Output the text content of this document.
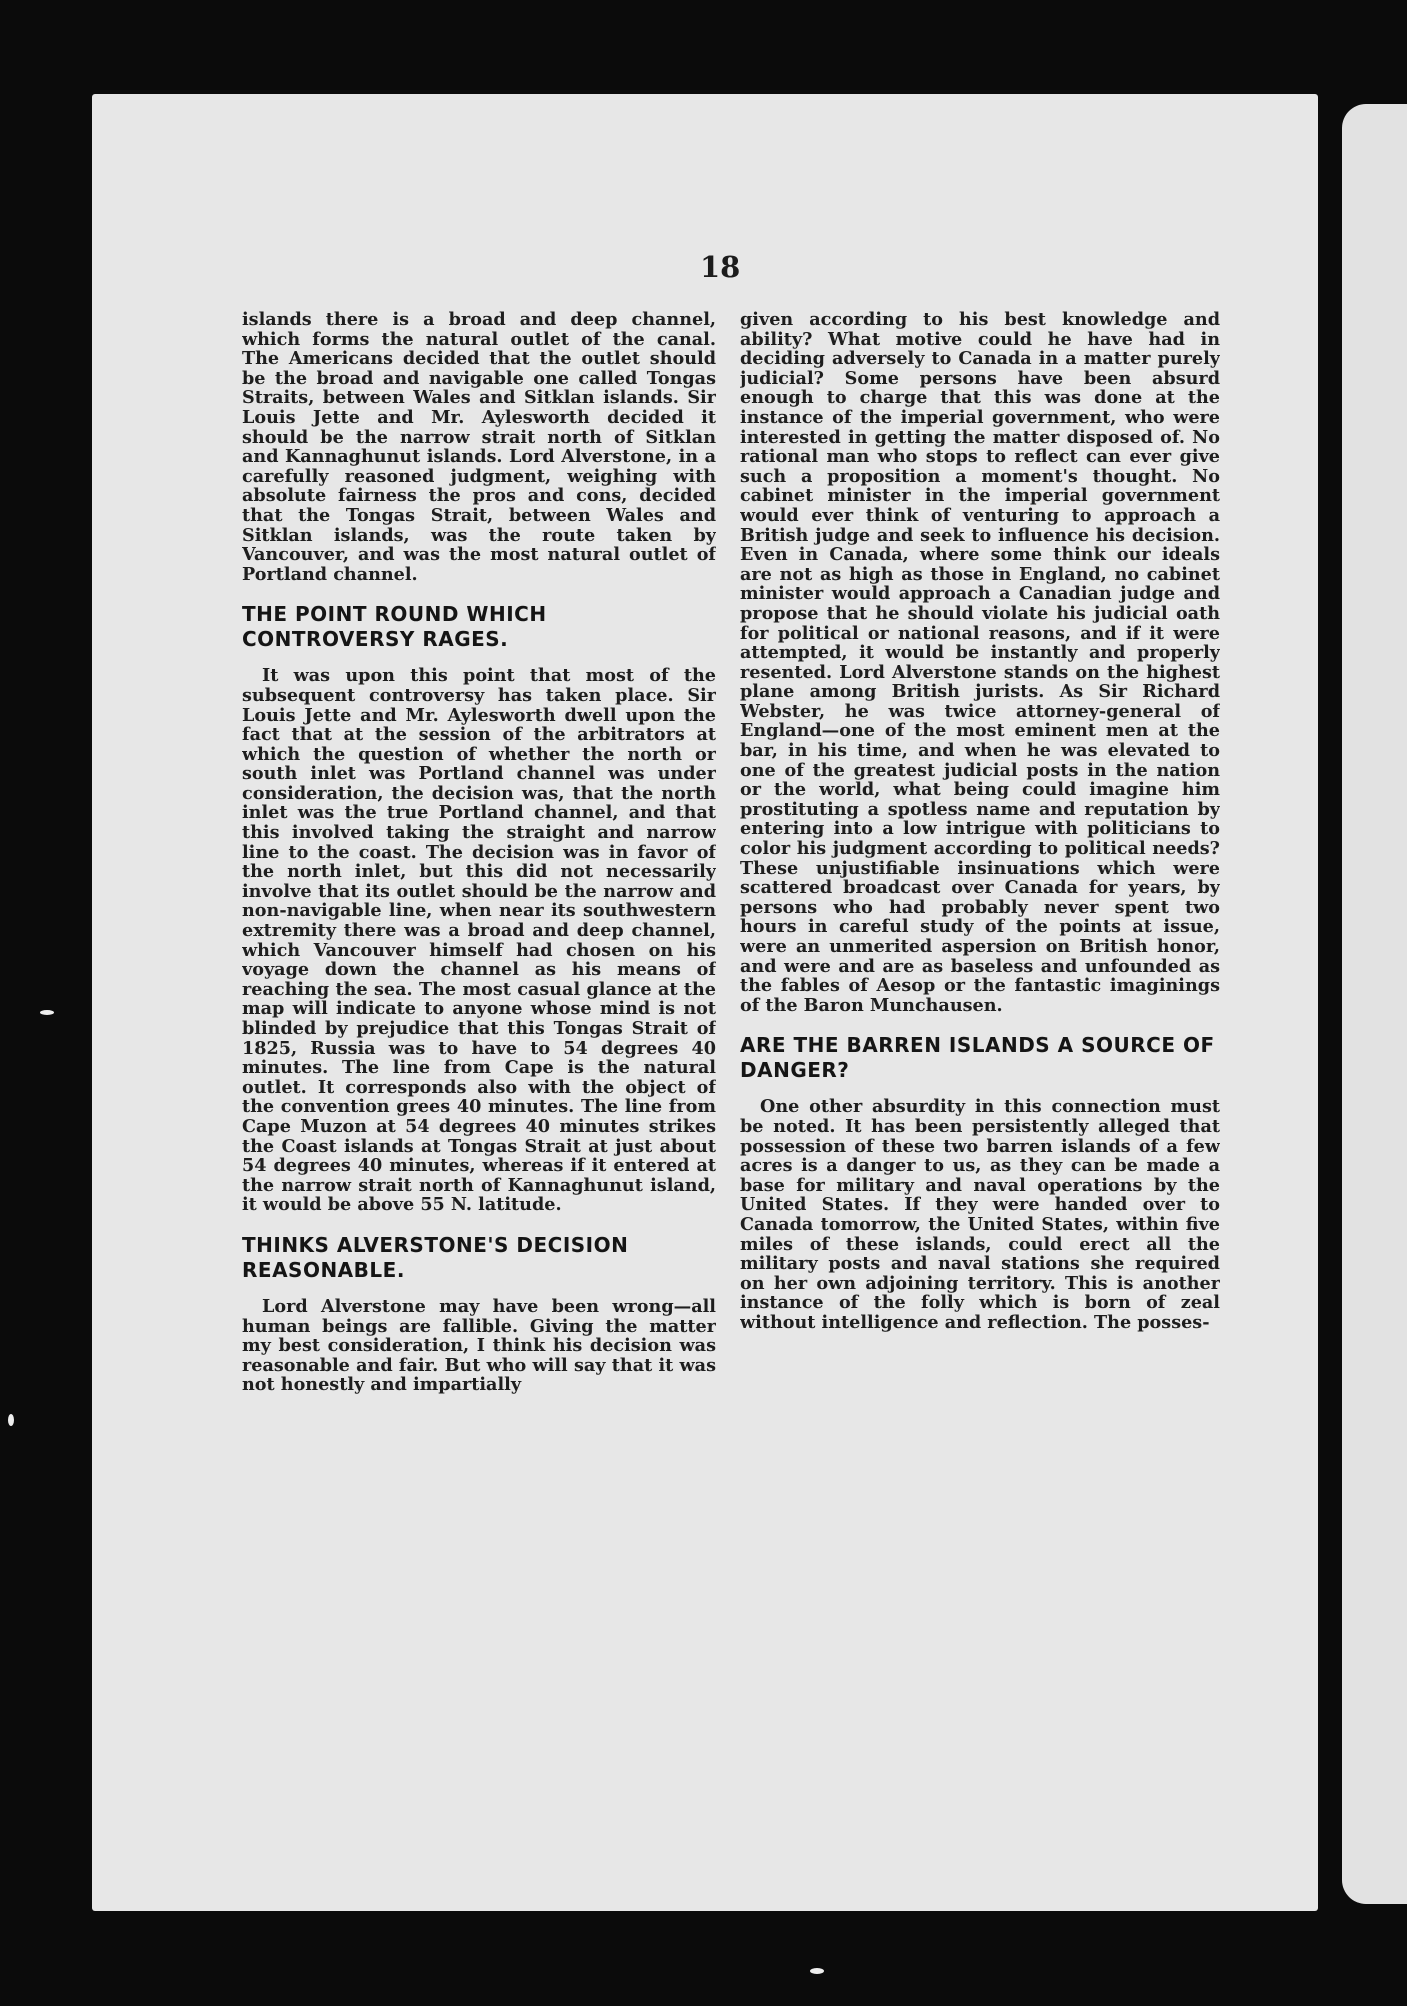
18

islands there is a broad and deep channel, which forms the natural outlet of the canal. The Americans decided that the outlet should be the broad and navigable one called Tongas Straits, between Wales and Sitklan islands. Sir Louis Jette and Mr. Aylesworth decided it should be the narrow strait north of Sitklan and Kannaghunut islands. Lord Alverstone, in a carefully reasoned judgment, weighing with absolute fairness the pros and cons, decided that the Tongas Strait, between Wales and Sitklan islands, was the route taken by Vancouver, and was the most natural outlet of Portland channel.

THE POINT ROUND WHICH CONTROVERSY RAGES.

It was upon this point that most of the subsequent controversy has taken place. Sir Louis Jette and Mr. Aylesworth dwell upon the fact that at the session of the arbitrators at which the question of whether the north or south inlet was Portland channel was under consideration, the decision was, that the north inlet was the true Portland channel, and that this involved taking the straight and narrow line to the coast. The decision was in favor of the north inlet, but this did not necessarily involve that its outlet should be the narrow and non-navigable line, when near its southwestern extremity there was a broad and deep channel, which Vancouver himself had chosen on his voyage down the channel as his means of reaching the sea. The most casual glance at the map will indicate to anyone whose mind is not blinded by prejudice that this Tongas Strait of 1825, Russia was to have to 54 degrees 40 minutes. The line from Cape is the natural outlet. It corresponds also with the object of the convention grees 40 minutes. The line from Cape Muzon at 54 degrees 40 minutes strikes the Coast islands at Tongas Strait at just about 54 degrees 40 minutes, whereas if it entered at the narrow strait north of Kannaghunut island, it would be above 55 N. latitude.

THINKS ALVERSTONE'S DECISION REASONABLE.

Lord Alverstone may have been wrong—all human beings are fallible. Giving the matter my best consideration, I think his decision was reasonable and fair. But who will say that it was not honestly and impartially

given according to his best knowledge and ability? What motive could he have had in deciding adversely to Canada in a matter purely judicial? Some persons have been absurd enough to charge that this was done at the instance of the imperial government, who were interested in getting the matter disposed of. No rational man who stops to reflect can ever give such a proposition a moment's thought. No cabinet minister in the imperial government would ever think of venturing to approach a British judge and seek to influence his decision. Even in Canada, where some think our ideals are not as high as those in England, no cabinet minister would approach a Canadian judge and propose that he should violate his judicial oath for political or national reasons, and if it were attempted, it would be instantly and properly resented. Lord Alverstone stands on the highest plane among British jurists. As Sir Richard Webster, he was twice attorney-general of England—one of the most eminent men at the bar, in his time, and when he was elevated to one of the greatest judicial posts in the nation or the world, what being could imagine him prostituting a spotless name and reputation by entering into a low intrigue with politicians to color his judgment according to political needs? These unjustifiable insinuations which were scattered broadcast over Canada for years, by persons who had probably never spent two hours in careful study of the points at issue, were an unmerited aspersion on British honor, and were and are as baseless and unfounded as the fables of Aesop or the fantastic imaginings of the Baron Munchausen.

ARE THE BARREN ISLANDS A SOURCE OF DANGER?

One other absurdity in this connection must be noted. It has been persistently alleged that possession of these two barren islands of a few acres is a danger to us, as they can be made a base for military and naval operations by the United States. If they were handed over to Canada tomorrow, the United States, within five miles of these islands, could erect all the military posts and naval stations she required on her own adjoining territory. This is another instance of the folly which is born of zeal without intelligence and reflection. The posses-
